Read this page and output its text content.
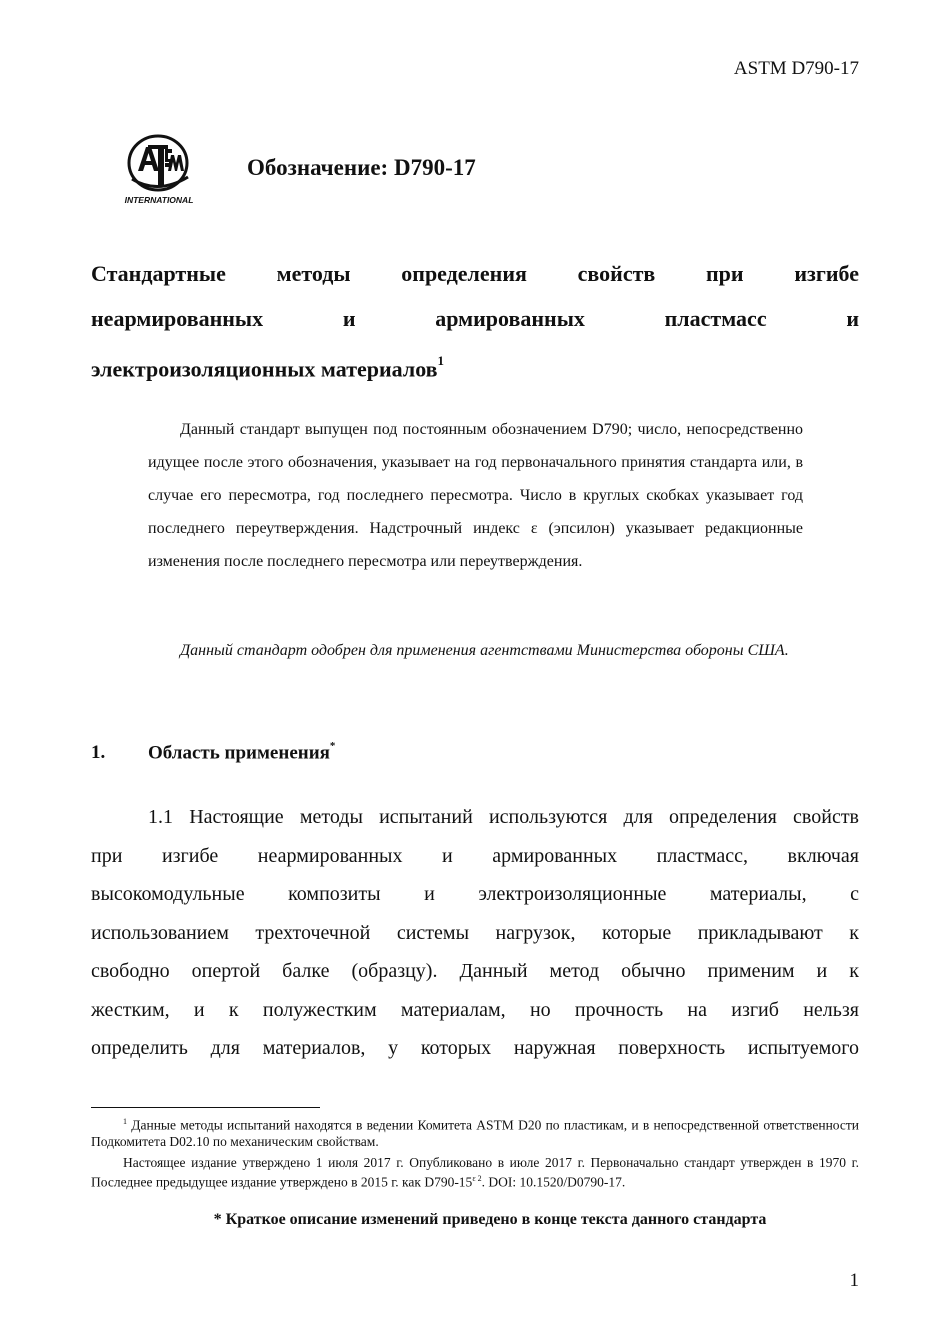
ASTM D790-17
INTERNATIONAL
Обозначение: D790-17
Стандартные методы определения свойств при изгибе
неармированных и армированных пластмасс и
электроизоляционных материалов$^1$
Данный стандарт выпущен под постоянным обозначением D790; число, непосредственно идущее после этого обозначения, указывает на год первоначального принятия стандарта или, в случае его пересмотра, год последнего пересмотра. Число в круглых скобках указывает год последнего переутверждения. Надстрочный индекс ε (эпсилон) указывает редакционные изменения после последнего пересмотра или переутверждения.
Данный стандарт одобрен для применения агентствами Министерства обороны США.
1. Область применения*
1.1 Настоящие методы испытаний используются для определения свойств
при изгибе неармированных и армированных пластмасс, включая
высокомодульные композиты и электроизоляционные материалы, с
использованием трехточечной системы нагрузок, которые прикладывают к
свободно опертой балке (образцу). Данный метод обычно применим и к
жестким, и к полужестким материалам, но прочность на изгиб нельзя
определить для материалов, у которых наружная поверхность испытуемого
$^1$ Данные методы испытаний находятся в ведении Комитета ASTM D20 по пластикам, и в непосредственной ответственности Подкомитета D02.10 по механическим свойствам.
Настоящее издание утверждено 1 июля 2017 г. Опубликовано в июле 2017 г. Первоначально стандарт утвержден в 1970 г. Последнее предыдущее издание утверждено в 2015 г. как $D790-15^{\varepsilon 2}$. DOI: 10.1520/D0790-17.
* Краткое описание изменений приведено в конце текста данного стандарта
1
